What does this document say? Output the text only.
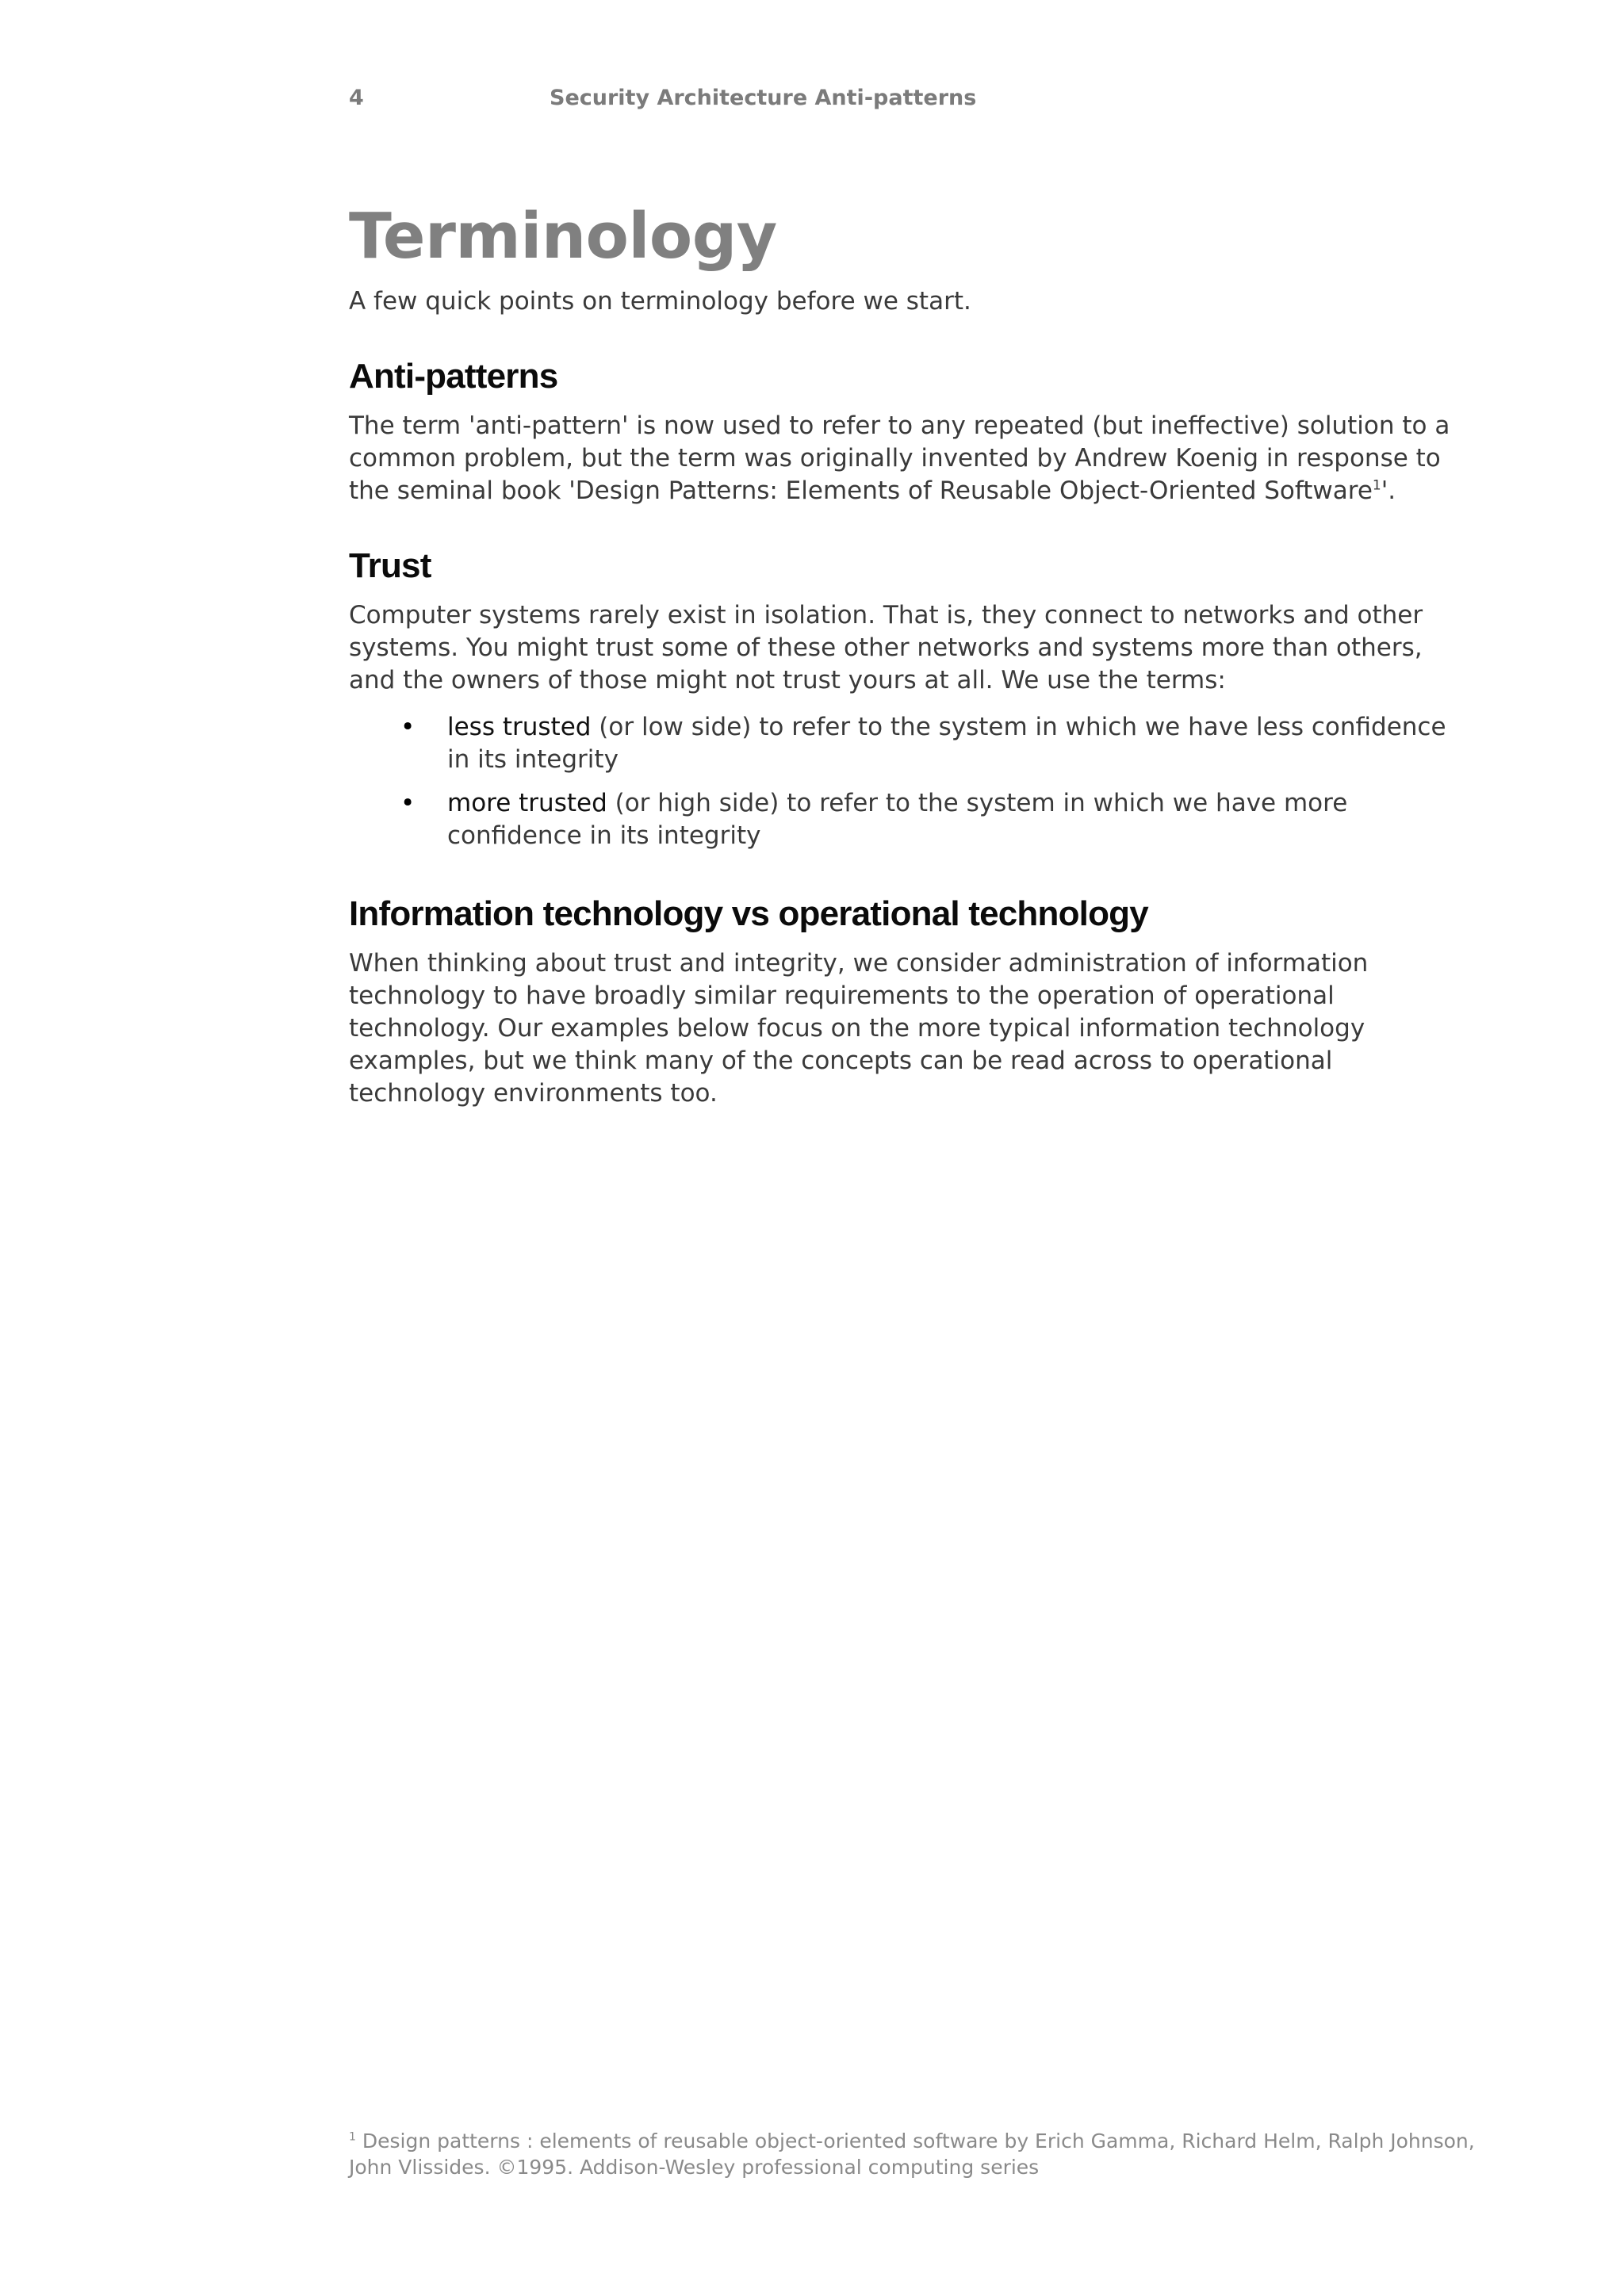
4	Security Architecture Anti-patterns
Terminology

A few quick points on terminology before we start.

Anti-patterns

The term 'anti-pattern' is now used to refer to any repeated (but ineffective) solution to a common problem, but the term was originally invented by Andrew Koenig in response to the seminal book 'Design Patterns: Elements of Reusable Object-Oriented Software$^1$'.

Trust

Computer systems rarely exist in isolation. That is, they connect to networks and other systems. You might trust some of these other networks and systems more than others, and the owners of those might not trust yours at all. We use the terms:

• less trusted (or low side) to refer to the system in which we have less confidence in its integrity
• more trusted (or high side) to refer to the system in which we have more confidence in its integrity
Information technology vs operational technology

When thinking about trust and integrity, we consider administration of information technology to have broadly similar requirements to the operation of operational technology. Our examples below focus on the more typical information technology examples, but we think many of the concepts can be read across to operational technology environments too.

$^1$ Design patterns : elements of reusable object-oriented software by Erich Gamma, Richard Helm, Ralph Johnson, John Vlissides. ©1995. Addison-Wesley professional computing series
